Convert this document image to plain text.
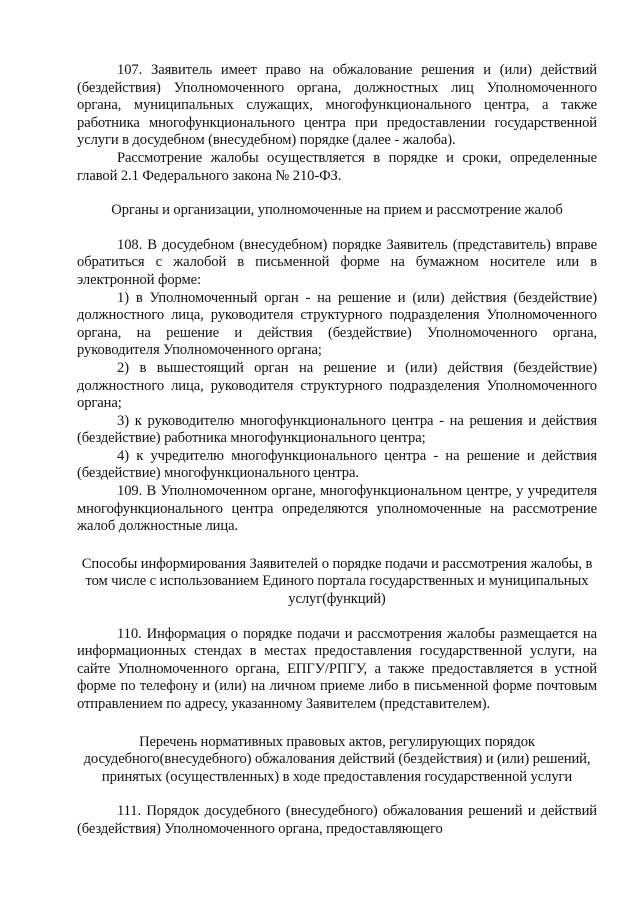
107. Заявитель имеет право на обжалование решения и (или) действий (бездействия) Уполномоченного органа, должностных лиц Уполномоченного органа, муниципальных служащих, многофункционального центра, а также работника многофункционального центра при предоставлении государственной услуги в досудебном (внесудебном) порядке (далее - жалоба).

Рассмотрение жалобы осуществляется в порядке и сроки, определенные главой 2.1 Федерального закона № 210-ФЗ.

Органы и организации, уполномоченные на прием и рассмотрение жалоб

108. В досудебном (внесудебном) порядке Заявитель (представитель) вправе обратиться с жалобой в письменной форме на бумажном носителе или в электронной форме:

1) в Уполномоченный орган - на решение и (или) действия (бездействие) должностного лица, руководителя структурного подразделения Уполномоченного органа, на решение и действия (бездействие) Уполномоченного органа, руководителя Уполномоченного органа;

2) в вышестоящий орган на решение и (или) действия (бездействие) должностного лица, руководителя структурного подразделения Уполномоченного органа;

3) к руководителю многофункционального центра - на решения и действия (бездействие) работника многофункционального центра;

4) к учредителю многофункционального центра - на решение и действия (бездействие) многофункционального центра.

109. В Уполномоченном органе, многофункциональном центре, у учредителя многофункционального центра определяются уполномоченные на рассмотрение жалоб должностные лица.

Способы информирования Заявителей о порядке подачи и рассмотрения жалобы, в том числе с использованием Единого портала государственных и муниципальных услуг(функций)

110. Информация о порядке подачи и рассмотрения жалобы размещается на информационных стендах в местах предоставления государственной услуги, на сайте Уполномоченного органа, ЕПГУ/РПГУ, а также предоставляется в устной форме по телефону и (или) на личном приеме либо в письменной форме почтовым отправлением по адресу, указанному Заявителем (представителем).

Перечень нормативных правовых актов, регулирующих порядок досудебного(внесудебного) обжалования действий (бездействия) и (или) решений, принятых (осуществленных) в ходе предоставления государственной услуги

111. Порядок досудебного (внесудебного) обжалования решений и действий (бездействия) Уполномоченного органа, предоставляющего
